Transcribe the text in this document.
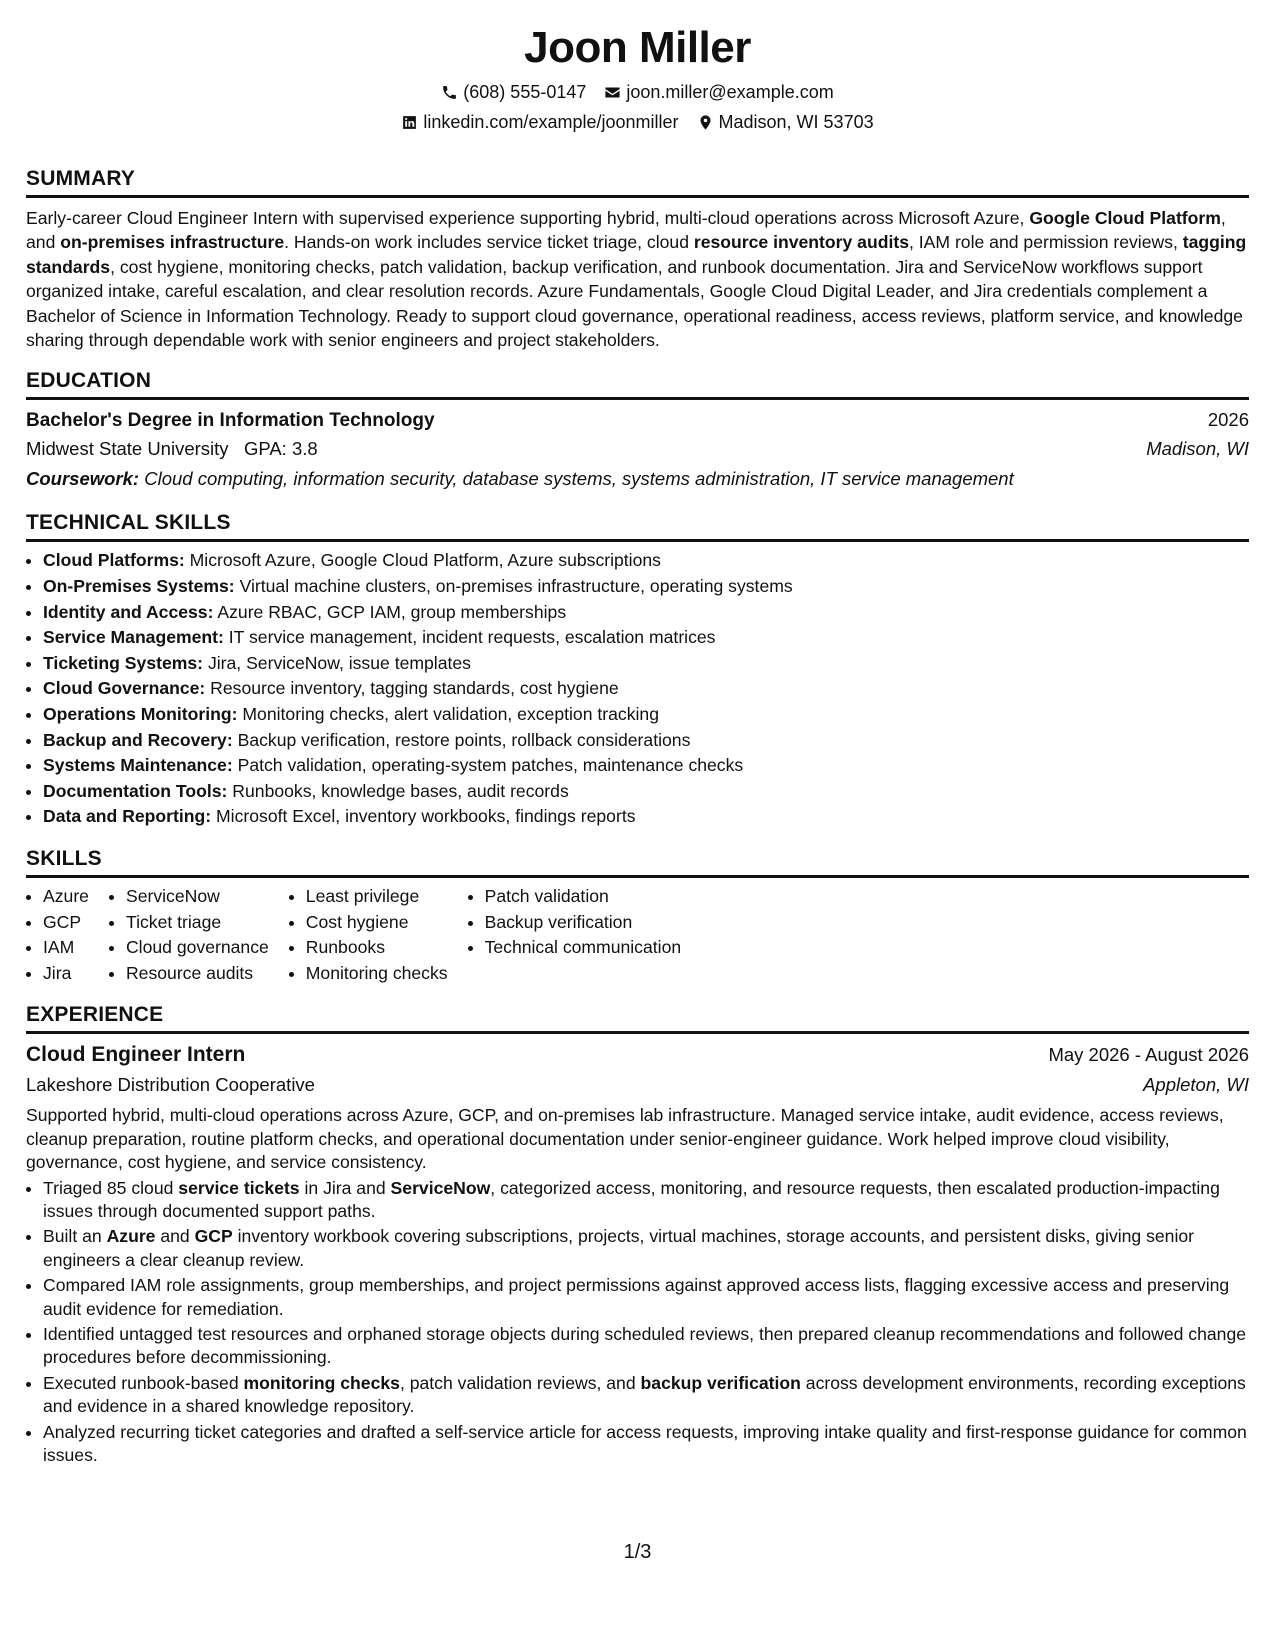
Joon Miller
(608) 555-0147 joon.miller@example.com
linkedin.com/example/joonmiller Madison, WI 53703
SUMMARY

Early-career Cloud Engineer Intern with supervised experience supporting hybrid, multi-cloud operations across Microsoft Azure, Google Cloud Platform, and on-premises infrastructure. Hands-on work includes service ticket triage, cloud resource inventory audits, IAM role and permission reviews, tagging standards, cost hygiene, monitoring checks, patch validation, backup verification, and runbook documentation. Jira and ServiceNow workflows support organized intake, careful escalation, and clear resolution records. Azure Fundamentals, Google Cloud Digital Leader, and Jira credentials complement a Bachelor of Science in Information Technology. Ready to support cloud governance, operational readiness, access reviews, platform service, and knowledge sharing through dependable work with senior engineers and project stakeholders.

EDUCATION
Bachelor's Degree in Information Technology	2026
Midwest State University GPA: 3.8	Madison, WI
Coursework: Cloud computing, information security, database systems, systems administration, IT service management
TECHNICAL SKILLS
• Cloud Platforms: Microsoft Azure, Google Cloud Platform, Azure subscriptions
• On-Premises Systems: Virtual machine clusters, on-premises infrastructure, operating systems
• Identity and Access: Azure RBAC, GCP IAM, group memberships
• Service Management: IT service management, incident requests, escalation matrices
• Ticketing Systems: Jira, ServiceNow, issue templates
• Cloud Governance: Resource inventory, tagging standards, cost hygiene
• Operations Monitoring: Monitoring checks, alert validation, exception tracking
• Backup and Recovery: Backup verification, restore points, rollback considerations
• Systems Maintenance: Patch validation, operating-system patches, maintenance checks
• Documentation Tools: Runbooks, knowledge bases, audit records
• Data and Reporting: Microsoft Excel, inventory workbooks, findings reports
SKILLS
• Azure
• GCP
• IAM
• Jira
• ServiceNow
• Ticket triage
• Cloud governance
• Resource audits
• Least privilege
• Cost hygiene
• Runbooks
• Monitoring checks
• Patch validation
• Backup verification
• Technical communication
EXPERIENCE
Cloud Engineer Intern	May 2026 - August 2026
Lakeshore Distribution Cooperative	Appleton, WI

Supported hybrid, multi-cloud operations across Azure, GCP, and on-premises lab infrastructure. Managed service intake, audit evidence, access reviews, cleanup preparation, routine platform checks, and operational documentation under senior-engineer guidance. Work helped improve cloud visibility, governance, cost hygiene, and service consistency.

• Triaged 85 cloud service tickets in Jira and ServiceNow, categorized access, monitoring, and resource requests, then escalated production-impacting issues through documented support paths.
• Built an Azure and GCP inventory workbook covering subscriptions, projects, virtual machines, storage accounts, and persistent disks, giving senior engineers a clear cleanup review.
• Compared IAM role assignments, group memberships, and project permissions against approved access lists, flagging excessive access and preserving audit evidence for remediation.
• Identified untagged test resources and orphaned storage objects during scheduled reviews, then prepared cleanup recommendations and followed change procedures before decommissioning.
• Executed runbook-based monitoring checks, patch validation reviews, and backup verification across development environments, recording exceptions and evidence in a shared knowledge repository.
• Analyzed recurring ticket categories and drafted a self-service article for access requests, improving intake quality and first-response guidance for common issues.
1/3
